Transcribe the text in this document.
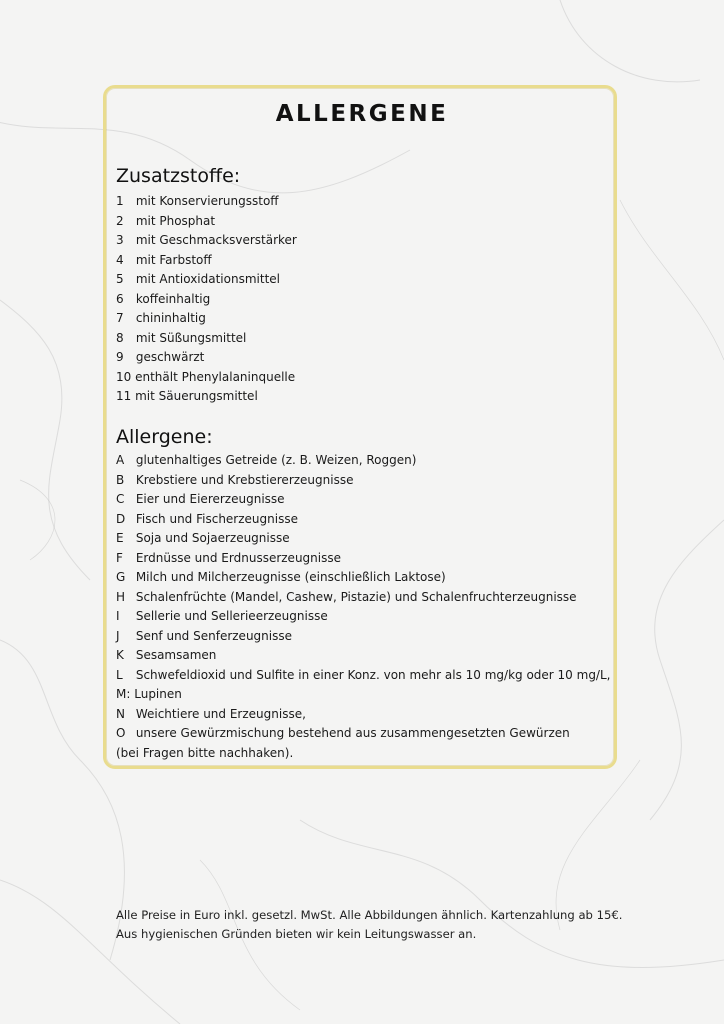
ALLERGENE
Zusatzstoffe:
1 mit Konservierungsstoff
2 mit Phosphat
3 mit Geschmacksverstärker
4 mit Farbstoff
5 mit Antioxidationsmittel
6 koffeinhaltig
7 chininhaltig
8 mit Süßungsmittel
9 geschwärzt
10 enthält Phenylalaninquelle
11 mit Säuerungsmittel
Allergene:
A glutenhaltiges Getreide (z. B. Weizen, Roggen)
B Krebstiere und Krebstiererzeugnisse
C Eier und Eiererzeugnisse
D Fisch und Fischerzeugnisse
E Soja und Sojaerzeugnisse
F Erdnüsse und Erdnusserzeugnisse
G Milch und Milcherzeugnisse (einschließlich Laktose)
H Schalenfrüchte (Mandel, Cashew, Pistazie) und Schalenfruchterzeugnisse
I Sellerie und Sellerieerzeugnisse
J Senf und Senferzeugnisse
K Sesamsamen
L Schwefeldioxid und Sulfite in einer Konz. von mehr als 10 mg/kg oder 10 mg/L,
M: Lupinen
N Weichtiere und Erzeugnisse,
O unsere Gewürzmischung bestehend aus zusammengesetzten Gewürzen (bei Fragen bitte nachhaken).
Alle Preise in Euro inkl. gesetzl. MwSt. Alle Abbildungen ähnlich. Kartenzahlung ab 15€.
Aus hygienischen Gründen bieten wir kein Leitungswasser an.
